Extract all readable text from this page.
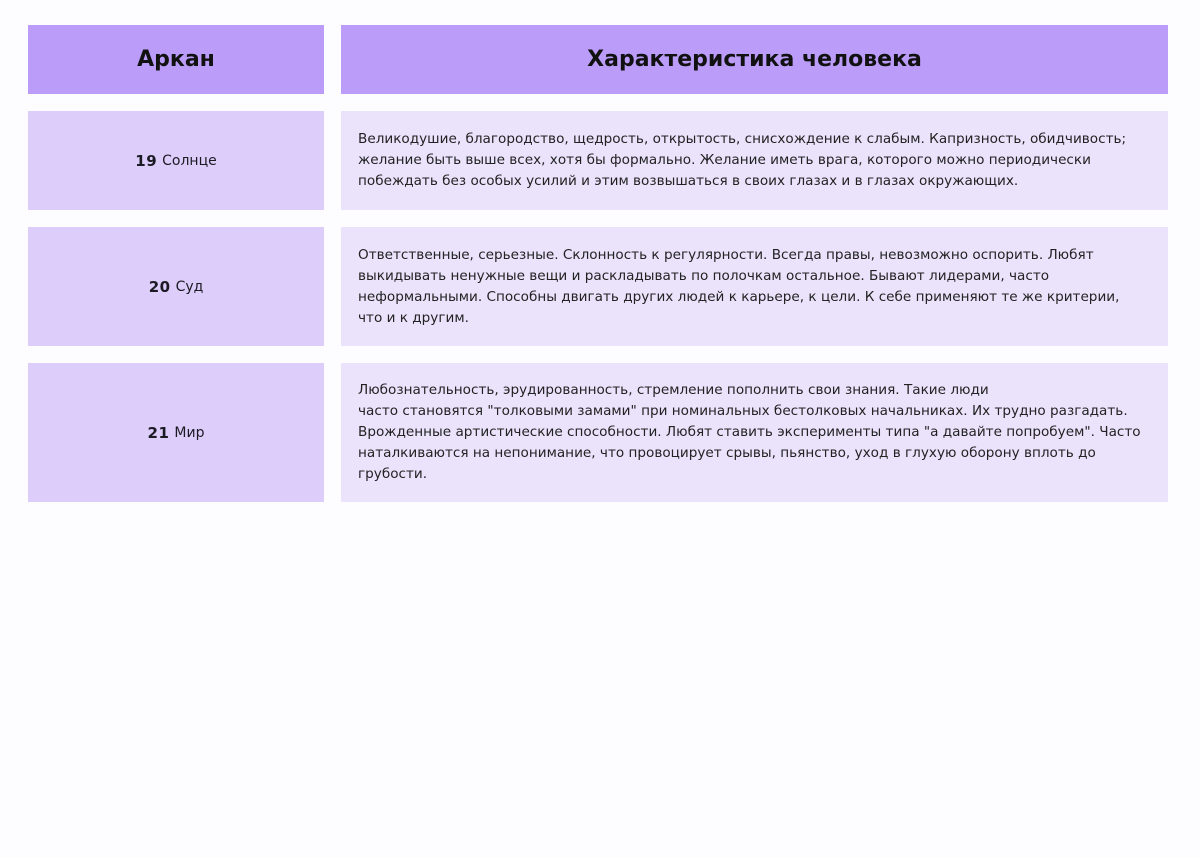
Аркан	Характеристика человека
19 Солнце
Великодушие, благородство, щедрость, открытость, снисхождение к слабым. Капризность, обидчивость;
желание быть выше всех, хотя бы формально. Желание иметь врага, которого можно периодически
побеждать без особых усилий и этим возвышаться в своих глазах и в глазах окружающих.
20 Суд
Ответственные, серьезные. Склонность к регулярности. Всегда правы, невозможно оспорить. Любят
выкидывать ненужные вещи и раскладывать по полочкам остальное. Бывают лидерами, часто
неформальными. Способны двигать других людей к карьере, к цели. К себе применяют те же критерии,
что и к другим.
21 Мир
Любознательность, эрудированность, стремление пополнить свои знания. Такие люди
часто становятся "толковыми замами" при номинальных бестолковых начальниках. Их трудно разгадать.
Врожденные артистические способности. Любят ставить эксперименты типа "а давайте попробуем". Часто
наталкиваются на непонимание, что провоцирует срывы, пьянство, уход в глухую оборону вплоть до
грубости.
